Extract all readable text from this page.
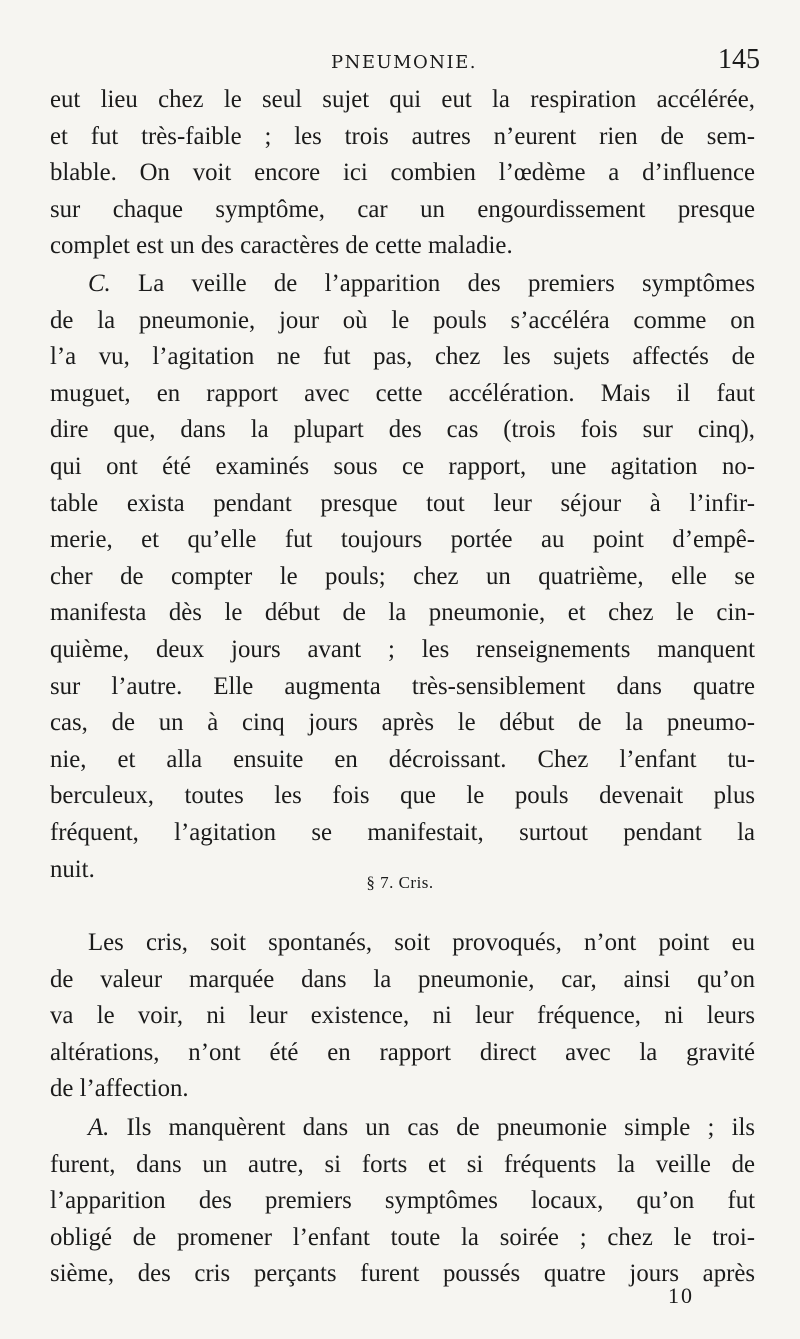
PNEUMONIE.	145
eut lieu chez le seul sujet qui eut la respiration accélérée,
et fut très-faible ; les trois autres n’eurent rien de sem-
blable. On voit encore ici combien l’œdème a d’influence
sur chaque symptôme, car un engourdissement presque
complet est un des caractères de cette maladie.
C. La veille de l’apparition des premiers symptômes
de la pneumonie, jour où le pouls s’accéléra comme on
l’a vu, l’agitation ne fut pas, chez les sujets affectés de
muguet, en rapport avec cette accélération. Mais il faut
dire que, dans la plupart des cas (trois fois sur cinq),
qui ont été examinés sous ce rapport, une agitation no-
table exista pendant presque tout leur séjour à l’infir-
merie, et qu’elle fut toujours portée au point d’empê-
cher de compter le pouls; chez un quatrième, elle se
manifesta dès le début de la pneumonie, et chez le cin-
quième, deux jours avant ; les renseignements manquent
sur l’autre. Elle augmenta très-sensiblement dans quatre
cas, de un à cinq jours après le début de la pneumo-
nie, et alla ensuite en décroissant. Chez l’enfant tu-
berculeux, toutes les fois que le pouls devenait plus
fréquent, l’agitation se manifestait, surtout pendant la
nuit.	§ 7. Cris.
Les cris, soit spontanés, soit provoqués, n’ont point eu
de valeur marquée dans la pneumonie, car, ainsi qu’on
va le voir, ni leur existence, ni leur fréquence, ni leurs
altérations, n’ont été en rapport direct avec la gravité
de l’affection.
A. Ils manquèrent dans un cas de pneumonie simple ; ils
furent, dans un autre, si forts et si fréquents la veille de
l’apparition des premiers symptômes locaux, qu’on fut
obligé de promener l’enfant toute la soirée ; chez le troi-
sième, des cris perçants furent poussés quatre jours après
10
